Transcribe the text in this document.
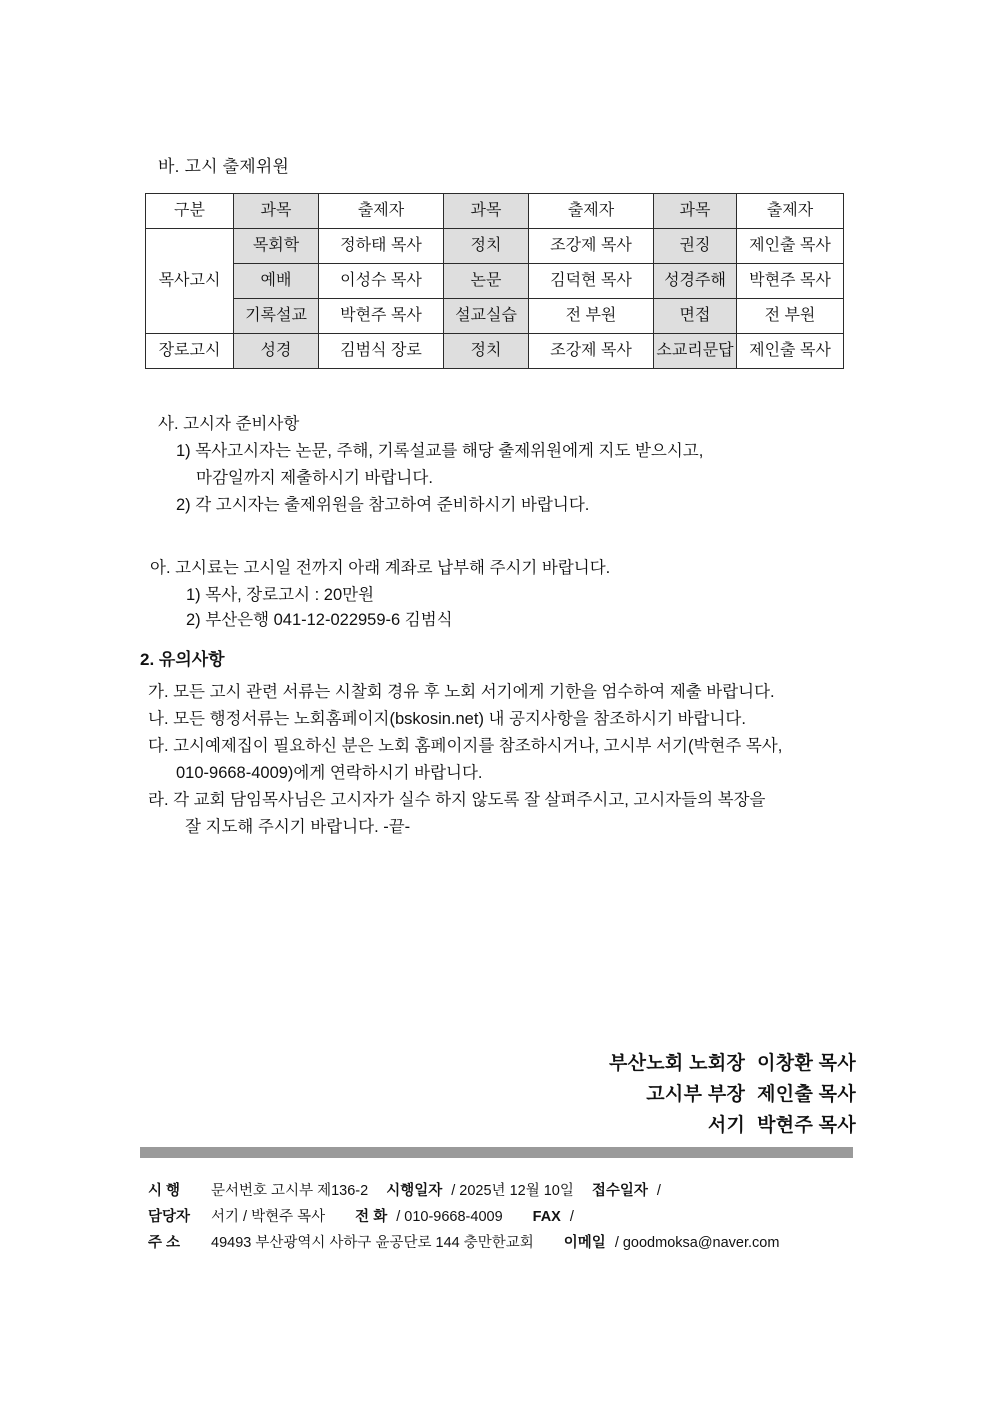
바. 고시 출제위원
구분	과목	출제자	과목	출제자	과목	출제자
목사고시	목회학	정하태 목사	정치	조강제 목사	권징	제인출 목사
	예배	이성수 목사	논문	김덕현 목사	성경주해	박현주 목사
	기록설교	박현주 목사	설교실습	전 부원	면접	전 부원
장로고시	성경	김범식 장로	정치	조강제 목사	소교리문답	제인출 목사
사. 고시자 준비사항
1) 목사고시자는 논문, 주해, 기록설교를 해당 출제위원에게 지도 받으시고,
마감일까지 제출하시기 바랍니다.
2) 각 고시자는 출제위원을 참고하여 준비하시기 바랍니다.
아. 고시료는 고시일 전까지 아래 계좌로 납부해 주시기 바랍니다.
1) 목사, 장로고시 : 20만원
2) 부산은행 041-12-022959-6 김범식
2. 유의사항
가. 모든 고시 관련 서류는 시찰회 경유 후 노회 서기에게 기한을 엄수하여 제출 바랍니다.
나. 모든 행정서류는 노회홈페이지(bskosin.net) 내 공지사항을 참조하시기 바랍니다.
다. 고시예제집이 필요하신 분은 노회 홈페이지를 참조하시거나, 고시부 서기(박현주 목사,
010-9668-4009)에게 연락하시기 바랍니다.
라. 각 교회 담임목사님은 고시자가 실수 하지 않도록 잘 살펴주시고, 고시자들의 복장을
잘 지도해 주시기 바랍니다. -끝-
부산노회 노회장 이창환 목사
고시부 부장 제인출 목사
서기 박현주 목사
시 행 문서번호 고시부 제136-2 시행일자 / 2025년 12월 10일 접수일자 /
담당자 서기 / 박현주 목사 전 화 / 010-9668-4009 FAX /
주 소 49493 부산광역시 사하구 윤공단로 144 충만한교회 이메일 / goodmoksa@naver.com
